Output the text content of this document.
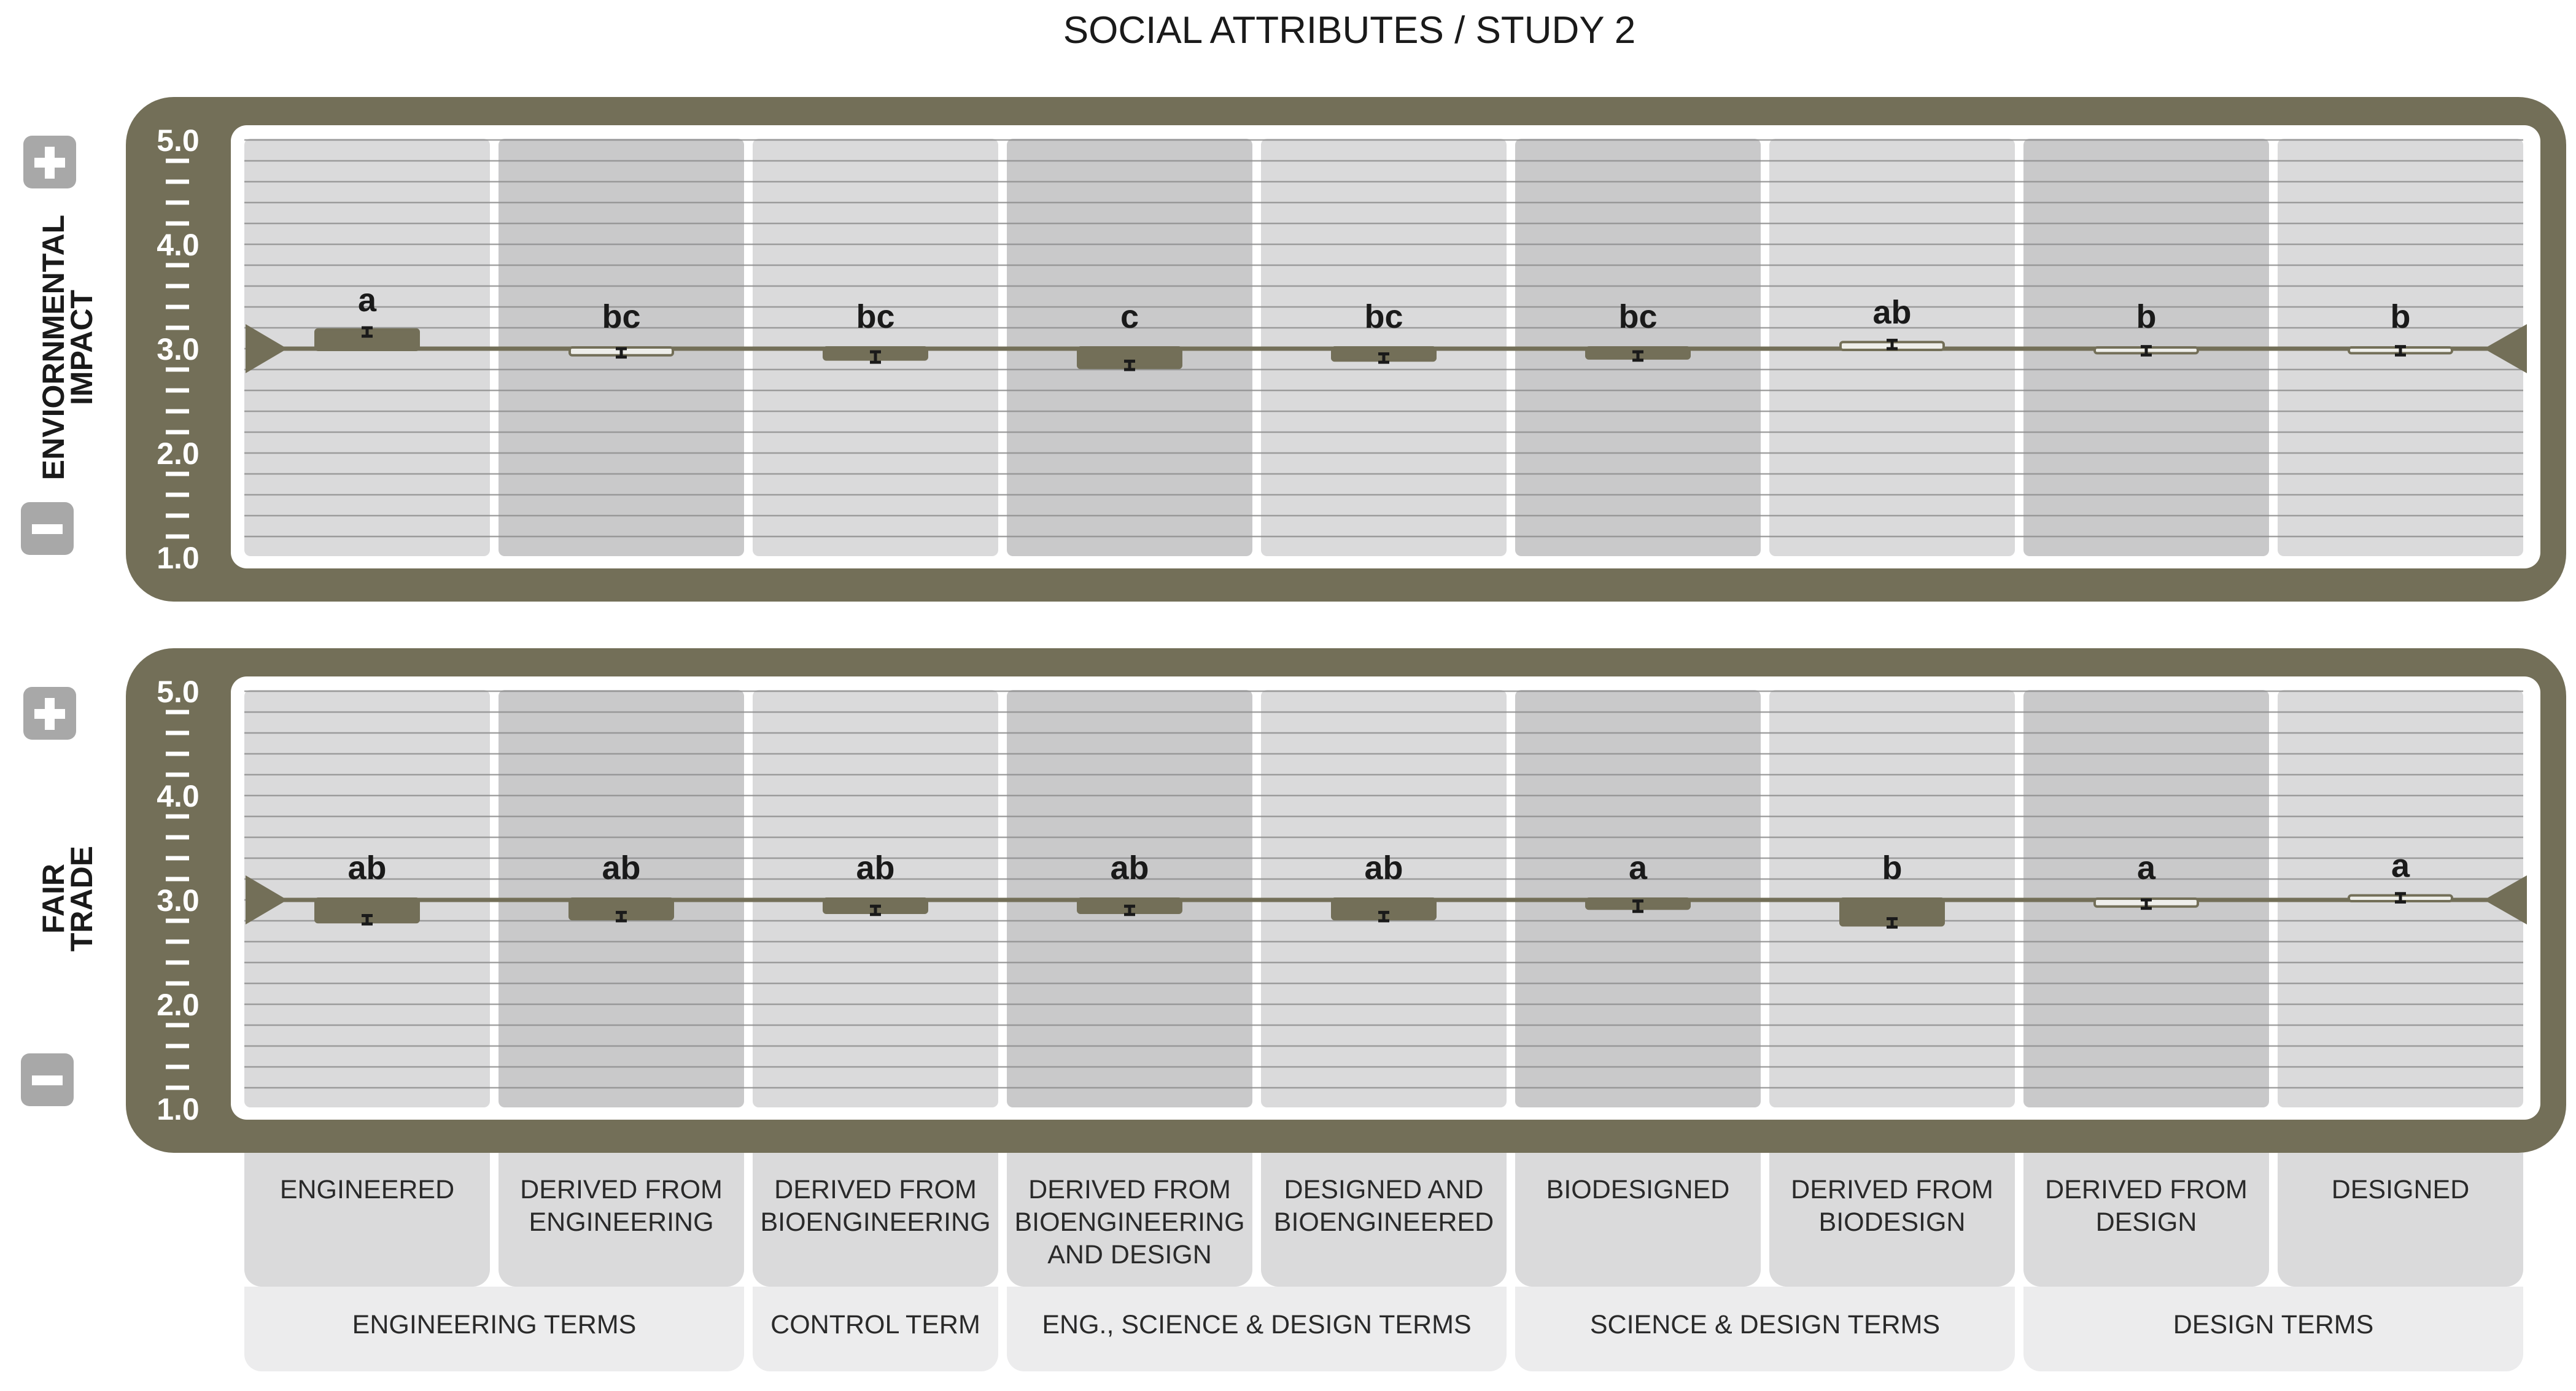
SOCIAL ATTRIBUTES / STUDY 2
5.0
4.0
3.0
2.0
1.0
ENVIORNMENTALIMPACT	a	bc	bc	c	bc	bc	ab	b	b
5.0
4.0
3.0
2.0
1.0
FAIRTRADE	ab	ab	ab	ab	ab	a	b	a	a
ENGINEERED DERIVED FROM
ENGINEERING
DERIVED FROM
BIOENGINEERING
DERIVED FROM
BIOENGINEERING
AND DESIGN
DESIGNED AND
BIOENGINEERED
BIODESIGNED DERIVED FROM
BIODESIGN
DERIVED FROM
DESIGN
DESIGNED
ENGINEERING TERMS	CONTROL TERM ENG., SCIENCE & DESIGN TERMS	SCIENCE & DESIGN TERMS	DESIGN TERMS
